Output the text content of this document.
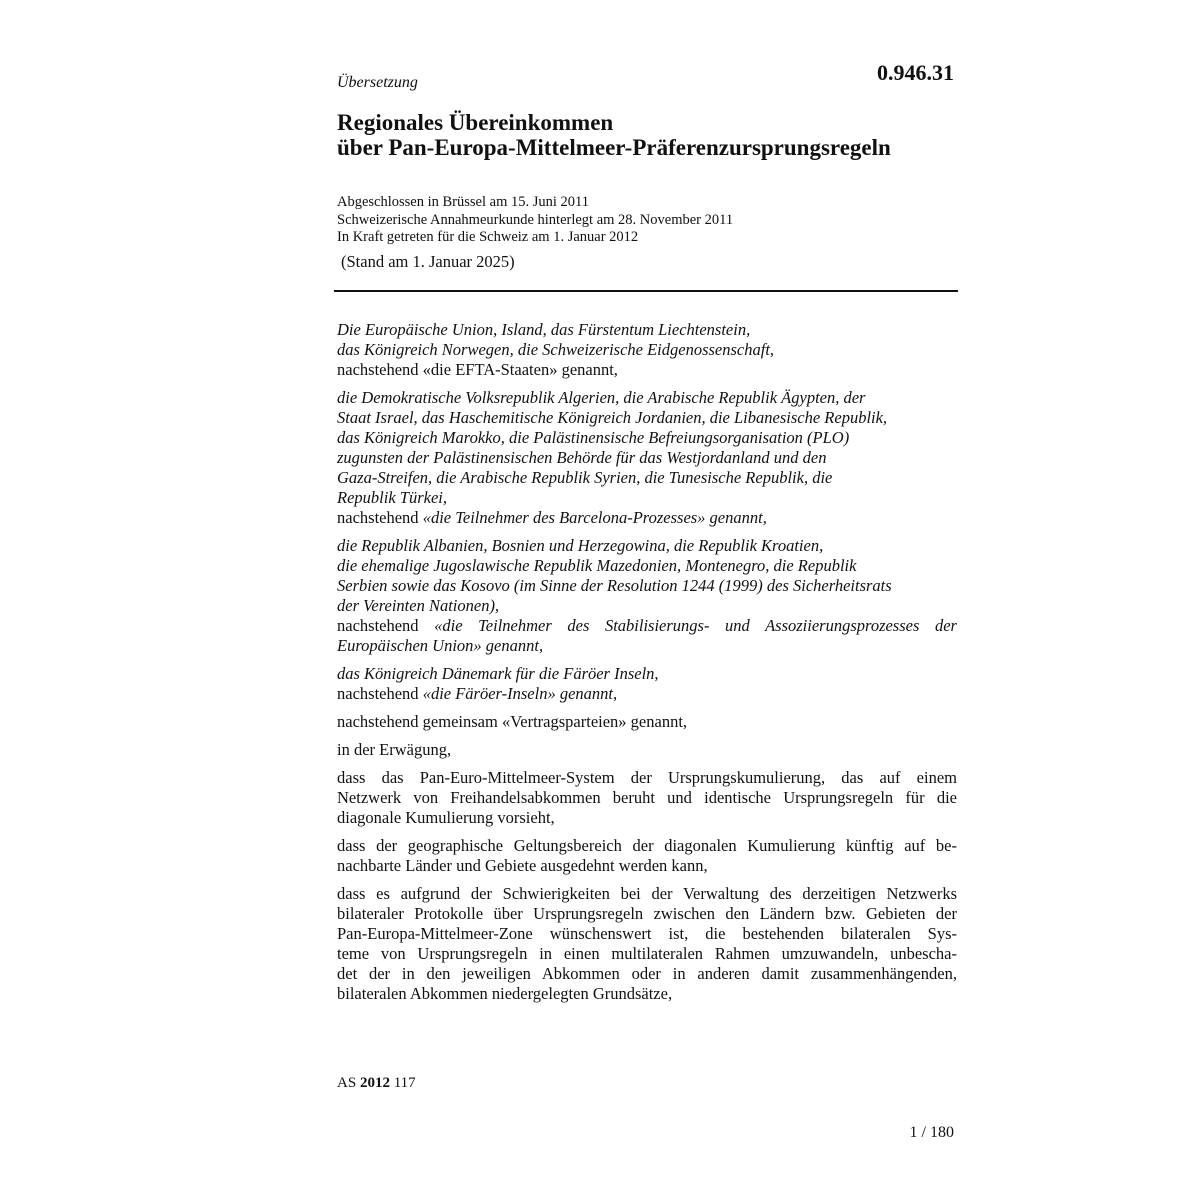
Übersetzung	0.946.31
Regionales Übereinkommen
über Pan-Europa-Mittelmeer-Präferenzursprungsregeln
Abgeschlossen in Brüssel am 15. Juni 2011
Schweizerische Annahmeurkunde hinterlegt am 28. November 2011
In Kraft getreten für die Schweiz am 1. Januar 2012
(Stand am 1. Januar 2025)
Die Europäische Union, Island, das Fürstentum Liechtenstein,
das Königreich Norwegen, die Schweizerische Eidgenossenschaft,
nachstehend «die EFTA-Staaten» genannt,
die Demokratische Volksrepublik Algerien, die Arabische Republik Ägypten, der
Staat Israel, das Haschemitische Königreich Jordanien, die Libanesische Republik,
das Königreich Marokko, die Palästinensische Befreiungsorganisation (PLO)
zugunsten der Palästinensischen Behörde für das Westjordanland und den
Gaza-Streifen, die Arabische Republik Syrien, die Tunesische Republik, die
Republik Türkei,
nachstehend «die Teilnehmer des Barcelona-Prozesses» genannt,
die Republik Albanien, Bosnien und Herzegowina, die Republik Kroatien,
die ehemalige Jugoslawische Republik Mazedonien, Montenegro, die Republik
Serbien sowie das Kosovo (im Sinne der Resolution 1244 (1999) des Sicherheitsrats
der Vereinten Nationen),
nachstehend «die Teilnehmer des Stabilisierungs- und Assoziierungsprozesses der
Europäischen Union» genannt,
das Königreich Dänemark für die Färöer Inseln,
nachstehend «die Färöer-Inseln» genannt,
nachstehend gemeinsam «Vertragsparteien» genannt,
in der Erwägung,
dass das Pan-Euro-Mittelmeer-System der Ursprungskumulierung, das auf einem
Netzwerk von Freihandelsabkommen beruht und identische Ursprungsregeln für die
diagonale Kumulierung vorsieht,
dass der geographische Geltungsbereich der diagonalen Kumulierung künftig auf be-
nachbarte Länder und Gebiete ausgedehnt werden kann,
dass es aufgrund der Schwierigkeiten bei der Verwaltung des derzeitigen Netzwerks
bilateraler Protokolle über Ursprungsregeln zwischen den Ländern bzw. Gebieten der
Pan-Europa-Mittelmeer-Zone wünschenswert ist, die bestehenden bilateralen Sys-
teme von Ursprungsregeln in einen multilateralen Rahmen umzuwandeln, unbescha-
det der in den jeweiligen Abkommen oder in anderen damit zusammenhängenden,
bilateralen Abkommen niedergelegten Grundsätze,
AS 2012 117
1 / 180
